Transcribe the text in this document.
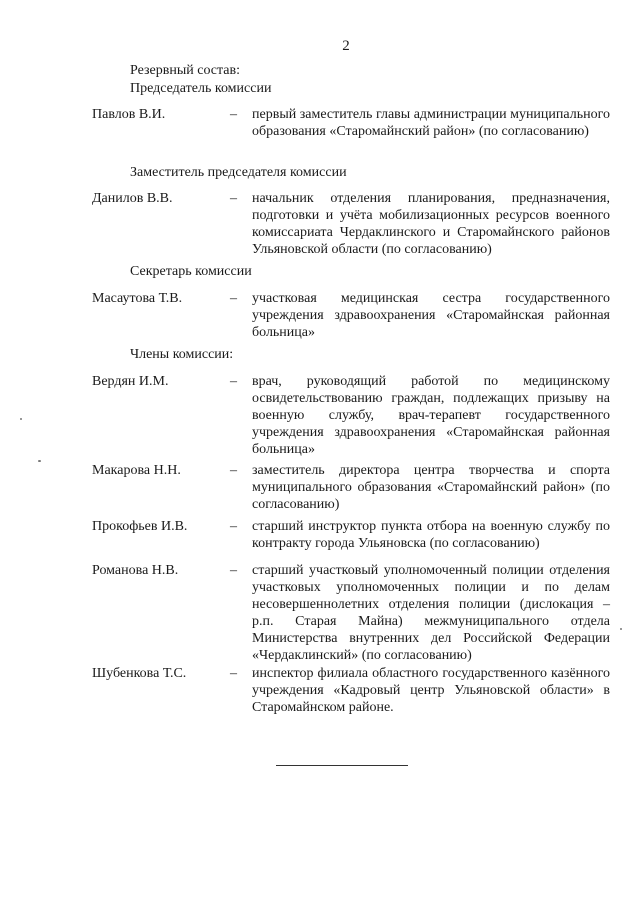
2
Резервный состав:
Председатель комиссии
Павлов В.И.	– первый заместитель главы администрации муниципального образования «Старомайнский район» (по согласованию)
Заместитель председателя комиссии
Данилов В.В.	– начальник отделения планирования, предназначения, подготовки и учёта мобилизационных ресурсов военного комиссариата Чердаклинского и Старомайнского районов Ульяновской области (по согласованию)
Секретарь комиссии
Масаутова Т.В.	– участковая медицинская сестра государственного учреждения здравоохранения «Старомайнская районная больница»
Члены комиссии:
Вердян И.М.	– врач, руководящий работой по медицинскому освидетельствованию граждан, подлежащих призыву на военную службу, врач-терапевт государственного учреждения здравоохранения «Старомайнская районная больница»
Макарова Н.Н.	– заместитель директора центра творчества и спорта муниципального образования «Старомайнский район» (по согласованию)
Прокофьев И.В.	– старший инструктор пункта отбора на военную службу по контракту города Ульяновска (по согласованию)
Романова Н.В.	– старший участковый уполномоченный полиции отделения участковых уполномоченных полиции и по делам несовершеннолетних отделения полиции (дислокация – р.п. Старая Майна) межмуниципального отдела Министерства внутренних дел Российской Федерации «Чердаклинский» (по согласованию)
Шубенкова Т.С.	– инспектор филиала областного государственного казённого учреждения «Кадровый центр Ульяновской области» в Старомайнском районе.
